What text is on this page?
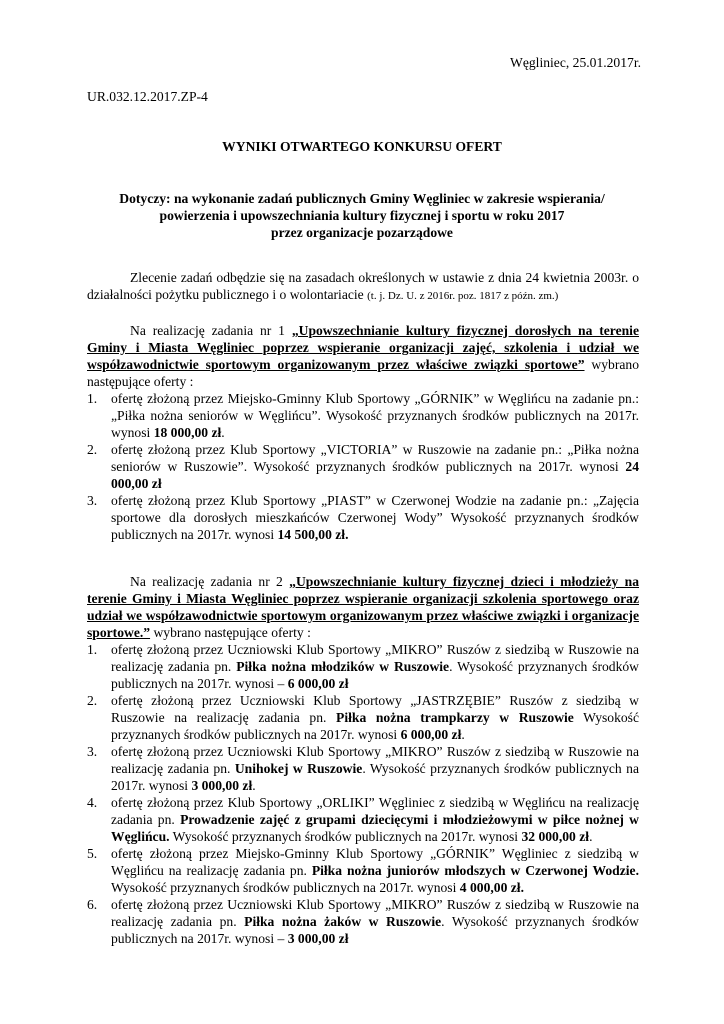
Węgliniec, 25.01.2017r.
UR.032.12.2017.ZP-4
WYNIKI OTWARTEGO KONKURSU OFERT
Dotyczy: na wykonanie zadań publicznych Gminy Węgliniec w zakresie wspierania/
powierzenia i upowszechniania kultury fizycznej i sportu w roku 2017
przez organizacje pozarządowe
Zlecenie zadań odbędzie się na zasadach określonych w ustawie z dnia 24 kwietnia 2003r. o działalności pożytku publicznego i o wolontariacie (t. j. Dz. U. z 2016r. poz. 1817 z późn. zm.)

Na realizację zadania nr 1 „Upowszechnianie kultury fizycznej dorosłych na terenie Gminy i Miasta Węgliniec poprzez wspieranie organizacji zajęć, szkolenia i udział we współzawodnictwie sportowym organizowanym przez właściwe związki sportowe” wybrano następujące oferty :

1. ofertę złożoną przez Miejsko-Gminny Klub Sportowy „GÓRNIK” w Węglińcu na zadanie pn.: „Piłka nożna seniorów w Węglińcu”. Wysokość przyznanych środków publicznych na 2017r. wynosi 18 000,00 zł.
2. ofertę złożoną przez Klub Sportowy „VICTORIA” w Ruszowie na zadanie pn.: „Piłka nożna seniorów w Ruszowie”. Wysokość przyznanych środków publicznych na 2017r. wynosi 24 000,00 zł
3. ofertę złożoną przez Klub Sportowy „PIAST” w Czerwonej Wodzie na zadanie pn.: „Zajęcia sportowe dla dorosłych mieszkańców Czerwonej Wody” Wysokość przyznanych środków publicznych na 2017r. wynosi 14 500,00 zł.

Na realizację zadania nr 2 „Upowszechnianie kultury fizycznej dzieci i młodzieży na terenie Gminy i Miasta Węgliniec poprzez wspieranie organizacji szkolenia sportowego oraz udział we współzawodnictwie sportowym organizowanym przez właściwe związki i organizacje sportowe.” wybrano następujące oferty :

1. ofertę złożoną przez Uczniowski Klub Sportowy „MIKRO” Ruszów z siedzibą w Ruszowie na realizację zadania pn. Piłka nożna młodzików w Ruszowie. Wysokość przyznanych środków publicznych na 2017r. wynosi – 6 000,00 zł
2. ofertę złożoną przez Uczniowski Klub Sportowy „JASTRZĘBIE” Ruszów z siedzibą w Ruszowie na realizację zadania pn. Piłka nożna trampkarzy w Ruszowie Wysokość przyznanych środków publicznych na 2017r. wynosi 6 000,00 zł.
3. ofertę złożoną przez Uczniowski Klub Sportowy „MIKRO” Ruszów z siedzibą w Ruszowie na realizację zadania pn. Unihokej w Ruszowie. Wysokość przyznanych środków publicznych na 2017r. wynosi 3 000,00 zł.
4. ofertę złożoną przez Klub Sportowy „ORLIKI” Węgliniec z siedzibą w Węglińcu na realizację zadania pn. Prowadzenie zajęć z grupami dziecięcymi i młodzieżowymi w piłce nożnej w Węglińcu. Wysokość przyznanych środków publicznych na 2017r. wynosi 32 000,00 zł.
5. ofertę złożoną przez Miejsko-Gminny Klub Sportowy „GÓRNIK” Węgliniec z siedzibą w Węglińcu na realizację zadania pn. Piłka nożna juniorów młodszych w Czerwonej Wodzie. Wysokość przyznanych środków publicznych na 2017r. wynosi 4 000,00 zł.
6. ofertę złożoną przez Uczniowski Klub Sportowy „MIKRO” Ruszów z siedzibą w Ruszowie na realizację zadania pn. Piłka nożna żaków w Ruszowie. Wysokość przyznanych środków publicznych na 2017r. wynosi – 3 000,00 zł
